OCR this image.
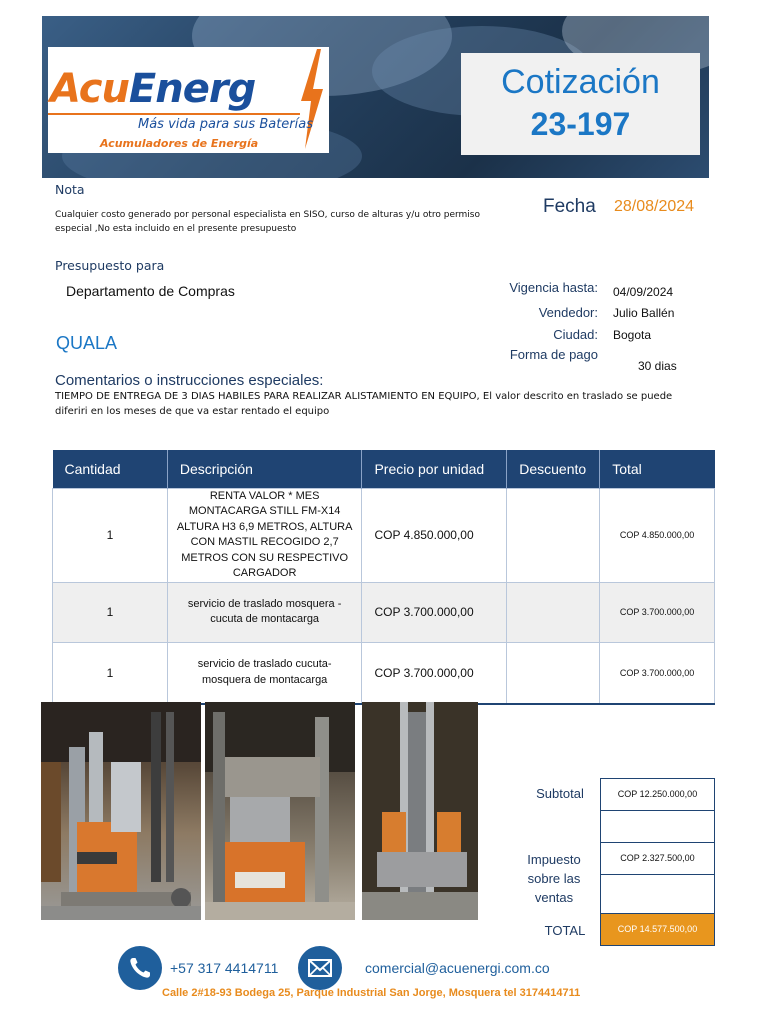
AcuEnerg
Más vida para sus Baterías
Acumuladores de Energía
Cotización
23-197
Nota
Cualquier costo generado por personal especialista en SISO, curso de alturas y/u otro permiso especial ,No esta incluido en el presente presupuesto
Fecha 28/08/2024
Presupuesto para
Departamento de Compras
QUALA
Vigencia hasta: 04/09/2024
Vendedor: Julio Ballén
Ciudad: Bogota
Forma de pago
30 dias
Comentarios o instrucciones especiales:
TIEMPO DE ENTREGA DE 3 DIAS HABILES PARA REALIZAR ALISTAMIENTO EN EQUIPO, El valor descrito en traslado se puede diferiri en los meses de que va estar rentado el equipo
Cantidad	Descripción	Precio por unidad	Descuento	Total
1	RENTA VALOR * MES MONTACARGA STILL FM-X14 ALTURA H3 6,9 METROS, ALTURA CON MASTIL RECOGIDO 2,7 METROS CON SU RESPECTIVO CARGADOR	COP 4.850.000,00		COP 4.850.000,00
1	servicio de traslado mosquera - cucuta de montacarga	COP 3.700.000,00		COP 3.700.000,00
1	servicio de traslado cucuta- mosquera de montacarga	COP 3.700.000,00		COP 3.700.000,00
Subtotal	COP 12.250.000,00
Impuesto sobre las ventas
COP 2.327.500,00
TOTAL	COP 14.577.500,00
+57 317 4414711	comercial@acuenergi.com.co
Calle 2#18-93 Bodega 25, Parque Industrial San Jorge, Mosquera tel 3174414711
